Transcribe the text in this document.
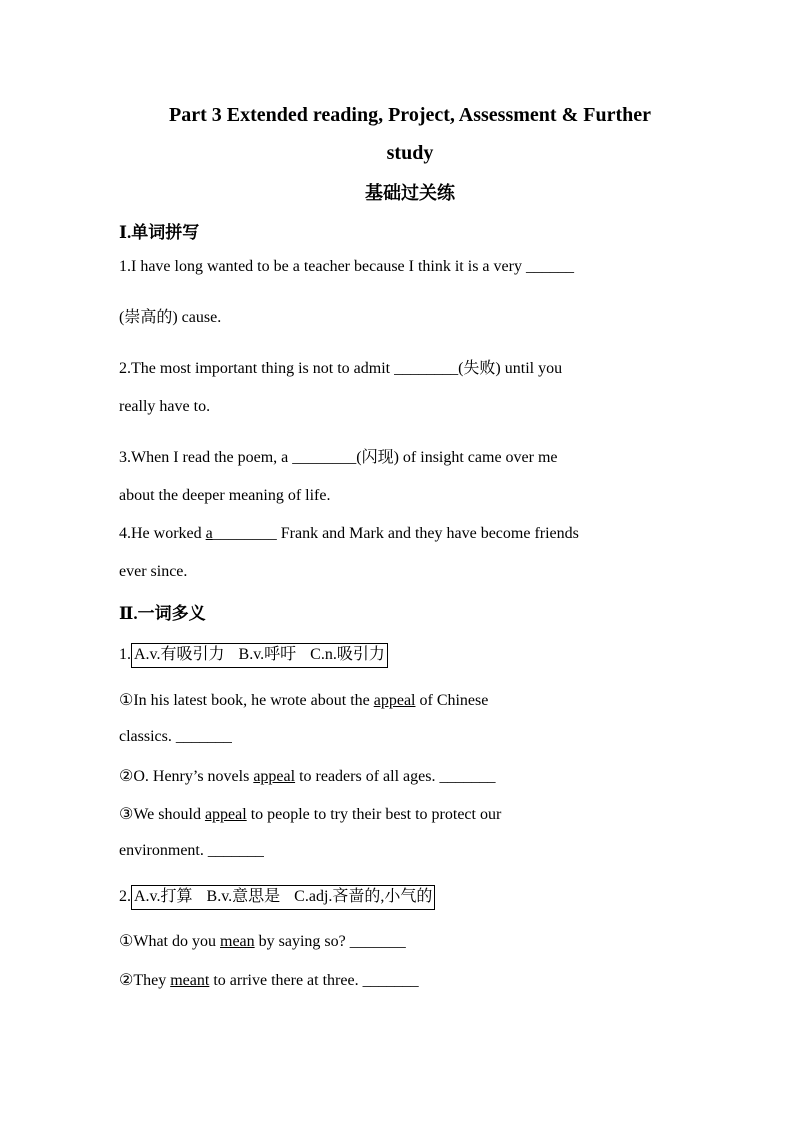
Part 3 Extended reading, Project, Assessment & Further
study
基础过关练
Ⅰ.单词拼写
1.I have long wanted to be a teacher because I think it is a very ______
(崇高的) cause.
2.The most important thing is not to admit ________(失败) until you
really have to.
3.When I read the poem, a ________(闪现) of insight came over me
about the deeper meaning of life.
4.He worked a________ Frank and Mark and they have become friends
ever since.
Ⅱ.一词多义
1. A.v.有吸引力 B.v.呼吁 C.n.吸引力
①In his latest book, he wrote about the appeal of Chinese
classics. _______
②O. Henry’s novels appeal to readers of all ages. _______
③We should appeal to people to try their best to protect our
environment. _______
2. A.v.打算 B.v.意思是 C.adj.吝啬的,小气的
①What do you mean by saying so? _______
②They meant to arrive there at three. _______
